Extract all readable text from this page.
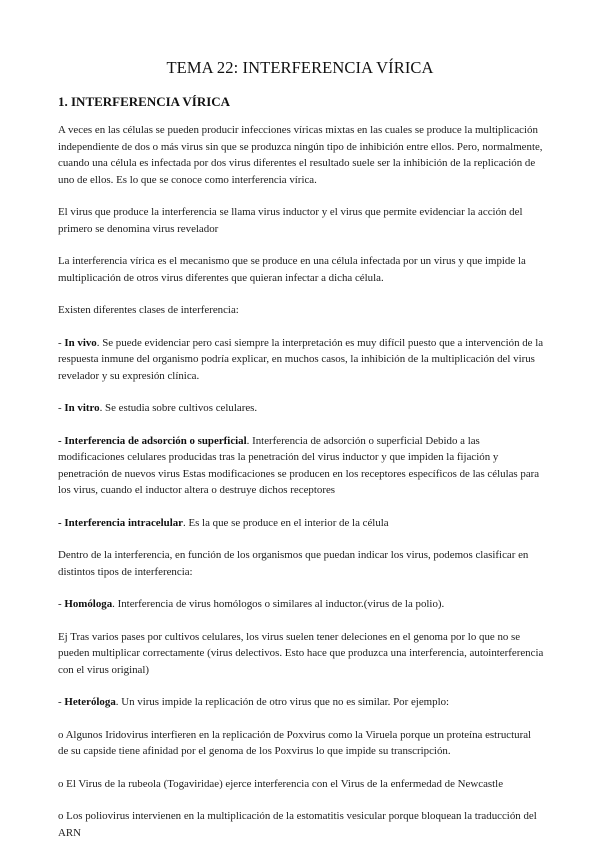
TEMA 22: INTERFERENCIA VÍRICA
1. INTERFERENCIA VÍRICA

A veces en las células se pueden producir infecciones víricas mixtas en las cuales se produce la multiplicación independiente de dos o más virus sin que se produzca ningún tipo de inhibición entre ellos. Pero, normalmente, cuando una célula es infectada por dos virus diferentes el resultado suele ser la inhibición de la replicación de uno de ellos. Es lo que se conoce como interferencia vírica.

El virus que produce la interferencia se llama virus inductor y el virus que permite evidenciar la acción del primero se denomina virus revelador

La interferencia vírica es el mecanismo que se produce en una célula infectada por un virus y que impide la multiplicación de otros virus diferentes que quieran infectar a dicha célula.

Existen diferentes clases de interferencia:

- In vivo. Se puede evidenciar pero casi siempre la interpretación es muy difícil puesto que a intervención de la respuesta inmune del organismo podría explicar, en muchos casos, la inhibición de la multiplicación del virus revelador y su expresión clínica.

- In vitro. Se estudia sobre cultivos celulares.

- Interferencia de adsorción o superficial. Interferencia de adsorción o superficial Debido a las modificaciones celulares producidas tras la penetración del virus inductor y que impiden la fijación y penetración de nuevos virus Estas modificaciones se producen en los receptores específicos de las células para los virus, cuando el inductor altera o destruye dichos receptores

- Interferencia intracelular. Es la que se produce en el interior de la célula

Dentro de la interferencia, en función de los organismos que puedan indicar los virus, podemos clasificar en distintos tipos de interferencia:

- Homóloga. Interferencia de virus homólogos o similares al inductor.(virus de la polio).

Ej Tras varios pases por cultivos celulares, los virus suelen tener deleciones en el genoma por lo que no se pueden multiplicar correctamente (virus delectivos. Esto hace que produzca una interferencia, autointerferencia con el virus original)

- Heteróloga. Un virus impide la replicación de otro virus que no es similar. Por ejemplo:

o Algunos Iridovirus interfieren en la replicación de Poxvirus como la Viruela porque un proteína estructural de su capside tiene afinidad por el genoma de los Poxvirus lo que impide su transcripción.

o El Virus de la rubeola (Togaviridae) ejerce interferencia con el Virus de la enfermedad de Newcastle

o Los poliovirus intervienen en la multiplicación de la estomatitis vesicular porque bloquean la traducción del ARN
